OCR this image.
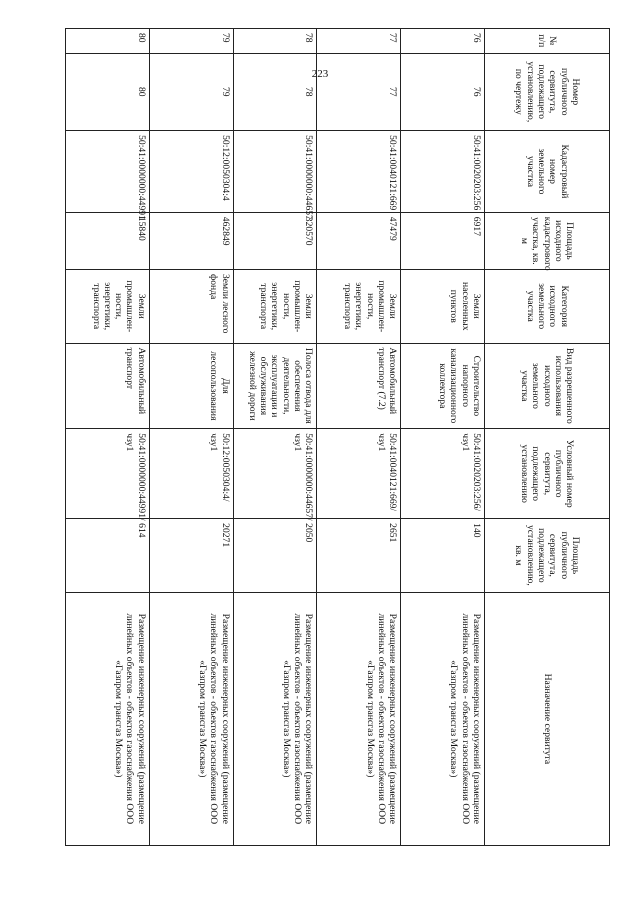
223
№ п/п	Номер публичного сервитута, подлежащего установлению, по чертежу	Кадастровый номер земельного участка	Площадь исходного кадастрового участка, кв. м	Категория исходного земельного участка	Вид разрешенного использования исходного земельного участка	Условный номер публичного сервитута, подлежащего установлению	Площадь публичного сервитута, подлежащего установлению, кв. м	Назначение сервитута
76	76	50:41:0020203:256	6917	Земли населенных пунктов	Строительство напорного канализационного коллектора	50:41:0020203:256/чзу1	140	Размещение инженерных сооружений (размещение линейных объектов - объектов газоснабжения ООО «Газпром трансгаз Москва»)
77	77	50:41:0040121:669	47479	Земли промышлен-ности, энергетики, транспорта	Автомобильный транспорт (7.2)	50:41:0040121:669/чзу1	2651	Размещение инженерных сооружений (размещение линейных объектов - объектов газоснабжения ООО «Газпром трансгаз Москва»)
78	78	50:41:0000000:44657	320570	Земли промышлен-ности, энергетики, транспорта	Полоса отвода для обеспечения деятельности, эксплуатации и обслуживания железной дороги	50:41:0000000:44657/чзу1	2050	Размещение инженерных сооружений (размещение линейных объектов - объектов газоснабжения ООО «Газпром трансгаз Москва»)
79	79	50:12:0050304:4	462849	Земли лесного фонда	Для лесопользования	50:12:0050304:4/чзу1	20271	Размещение инженерных сооружений (размещение линейных объектов - объектов газоснабжения ООО «Газпром трансгаз Москва»)
80	80	50:41:0000000:44991	15840	Земли промышлен-ности, энергетики, транспорта	Автомобильный транспорт	50:41:0000000:44991/чзу1	614	Размещение инженерных сооружений (размещение линейных объектов - объектов газоснабжения ООО «Газпром трансгаз Москва»)
